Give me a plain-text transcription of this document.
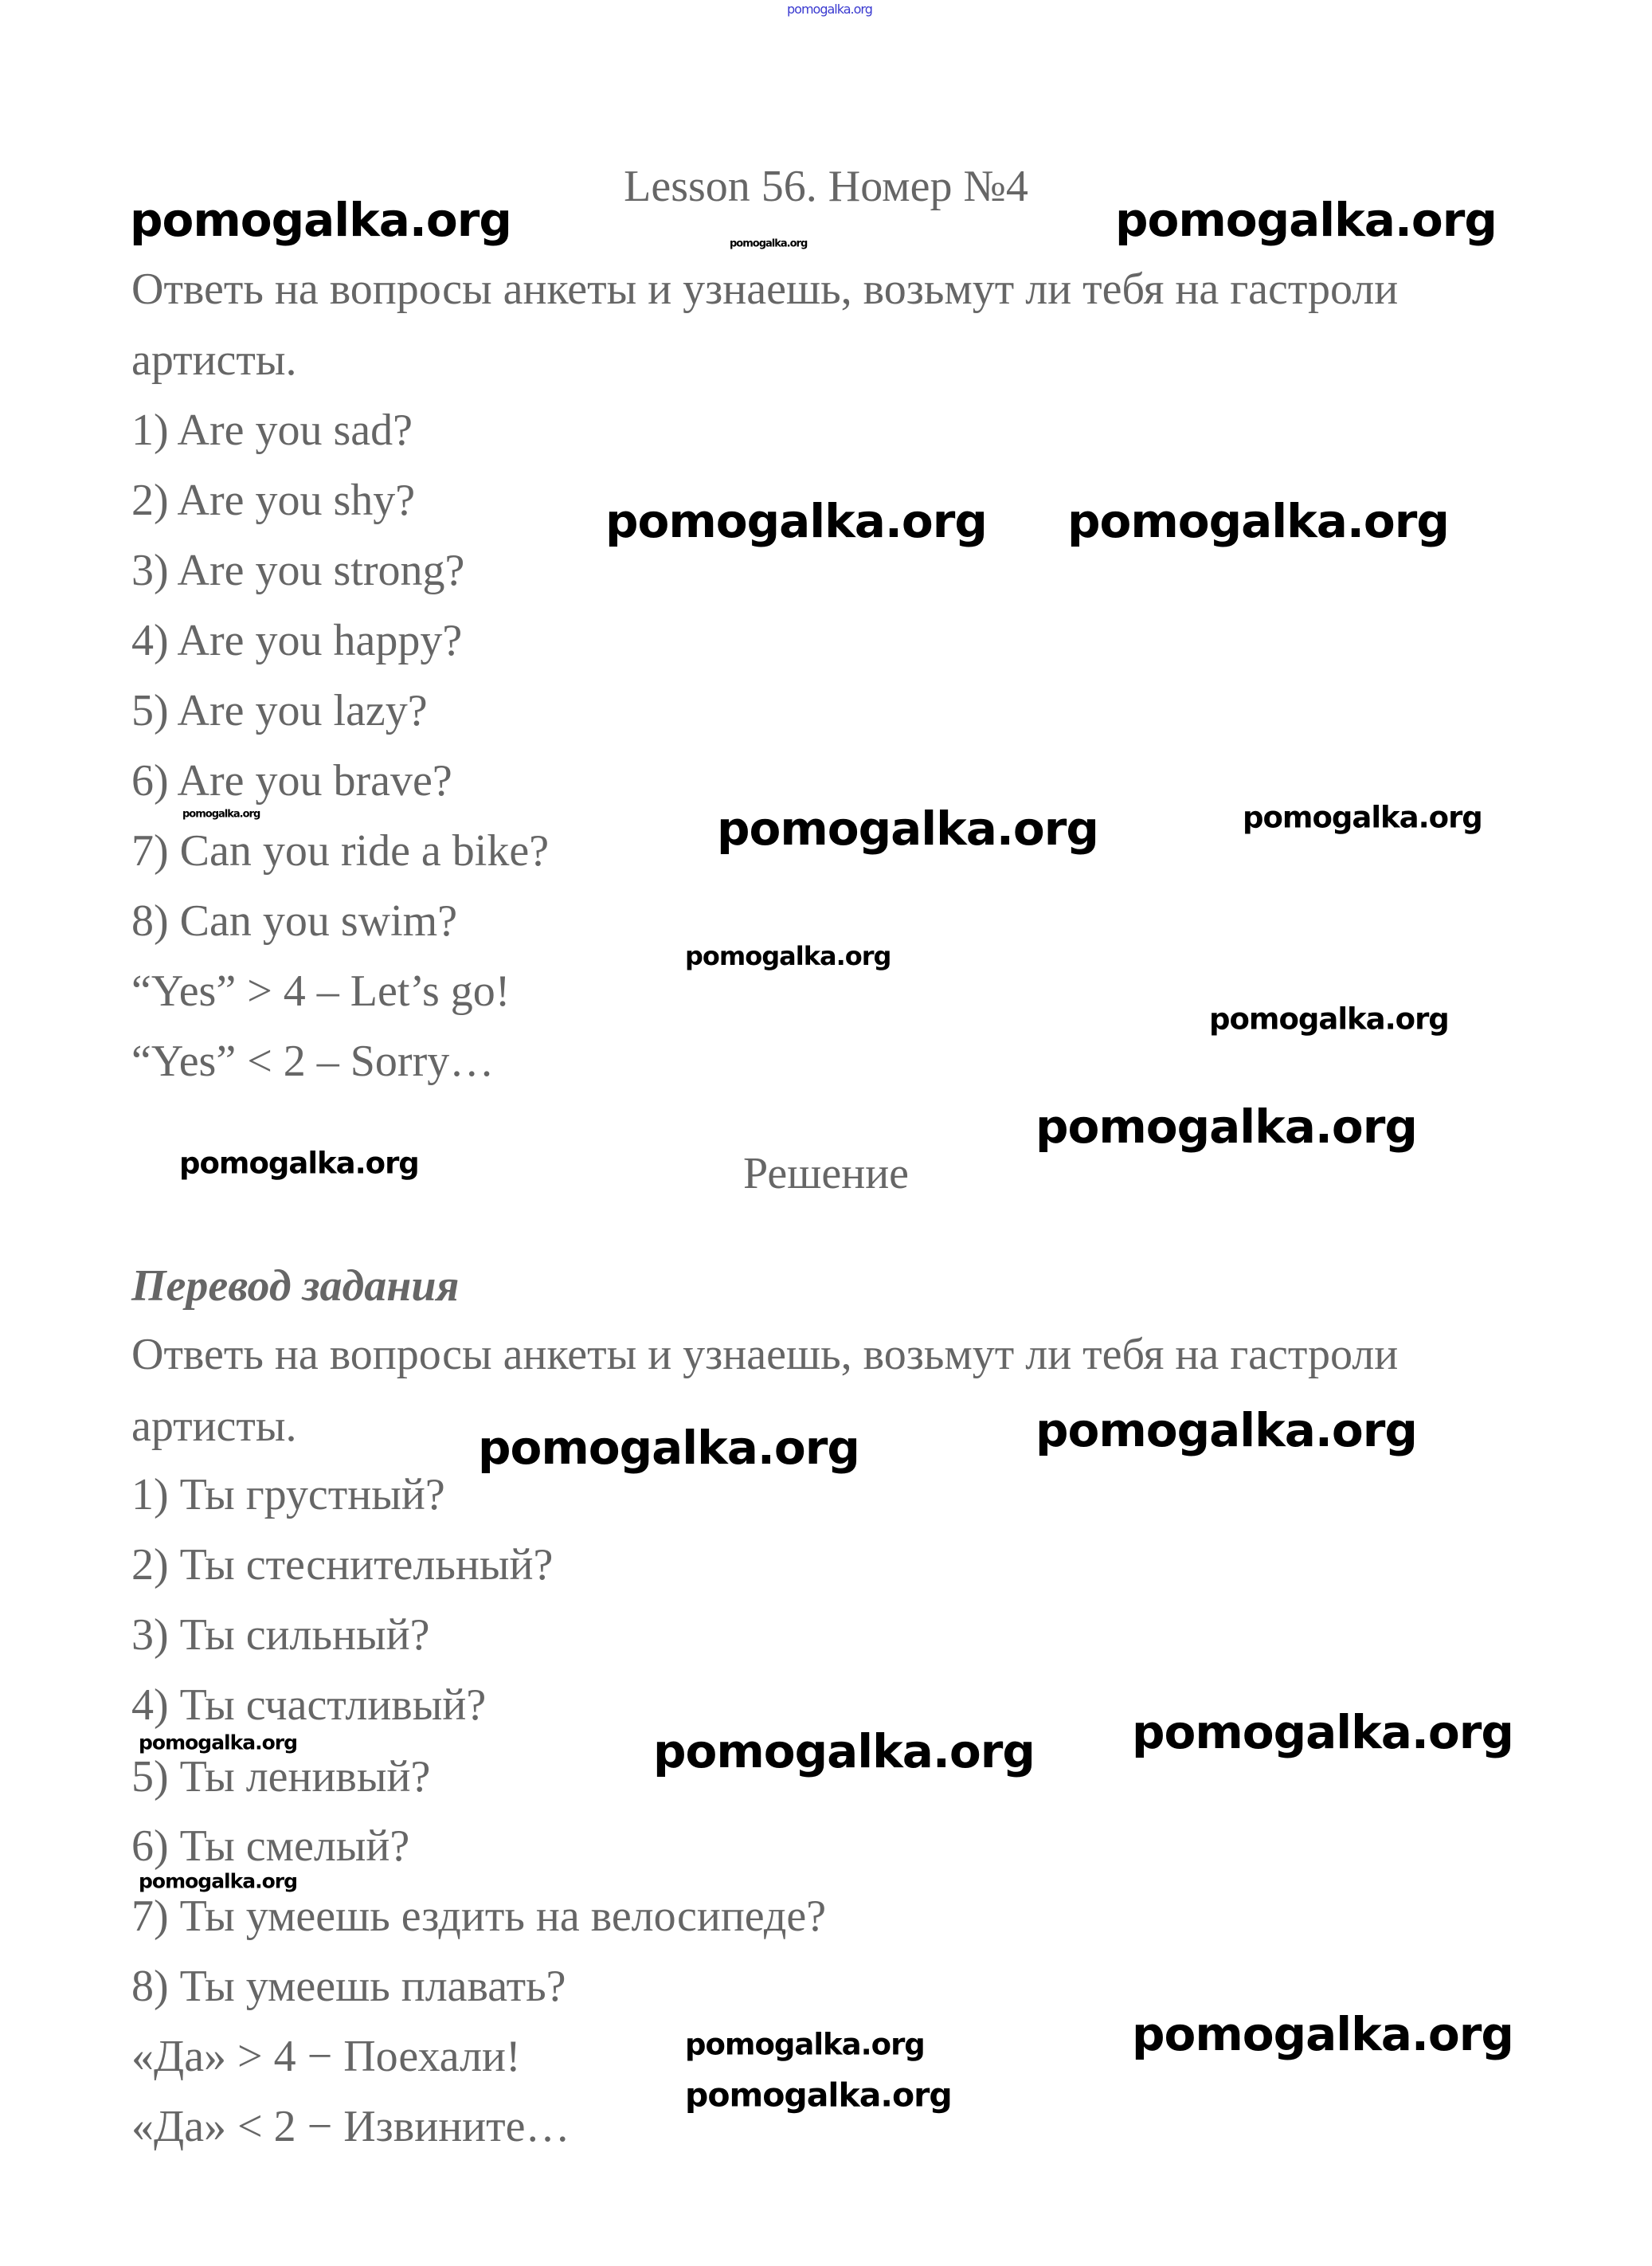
pomogalka.org
Lesson 56. Номер №4
Ответь на вопросы анкеты и узнаешь, возьмут ли тебя на гастроли
артисты.
1) Are you sad?
2) Are you shy?
3) Are you strong?
4) Are you happy?
5) Are you lazy?
6) Are you brave?
7) Can you ride a bike?
8) Can you swim?
“Yes” > 4 – Let’s go!
“Yes” < 2 – Sorry…
Решение
Перевод задания
Ответь на вопросы анкеты и узнаешь, возьмут ли тебя на гастроли
артисты.
1) Ты грустный?
2) Ты стеснительный?
3) Ты сильный?
4) Ты счастливый?
5) Ты ленивый?
6) Ты смелый?
7) Ты умеешь ездить на велосипеде?
8) Ты умеешь плавать?
«Да» > 4 − Поехали!
«Да» < 2 − Извините…
pomogalka.org	pomogalka.org
pomogalka.org
pomogalka.org pomogalka.org
pomogalka.org	pomogalka.org	pomogalka.org
pomogalka.org
pomogalka.org
pomogalka.org
pomogalka.org
pomogalka.org	pomogalka.org
pomogalka.org	pomogalka.org pomogalka.org
pomogalka.org
pomogalka.org	pomogalka.org
pomogalka.org
